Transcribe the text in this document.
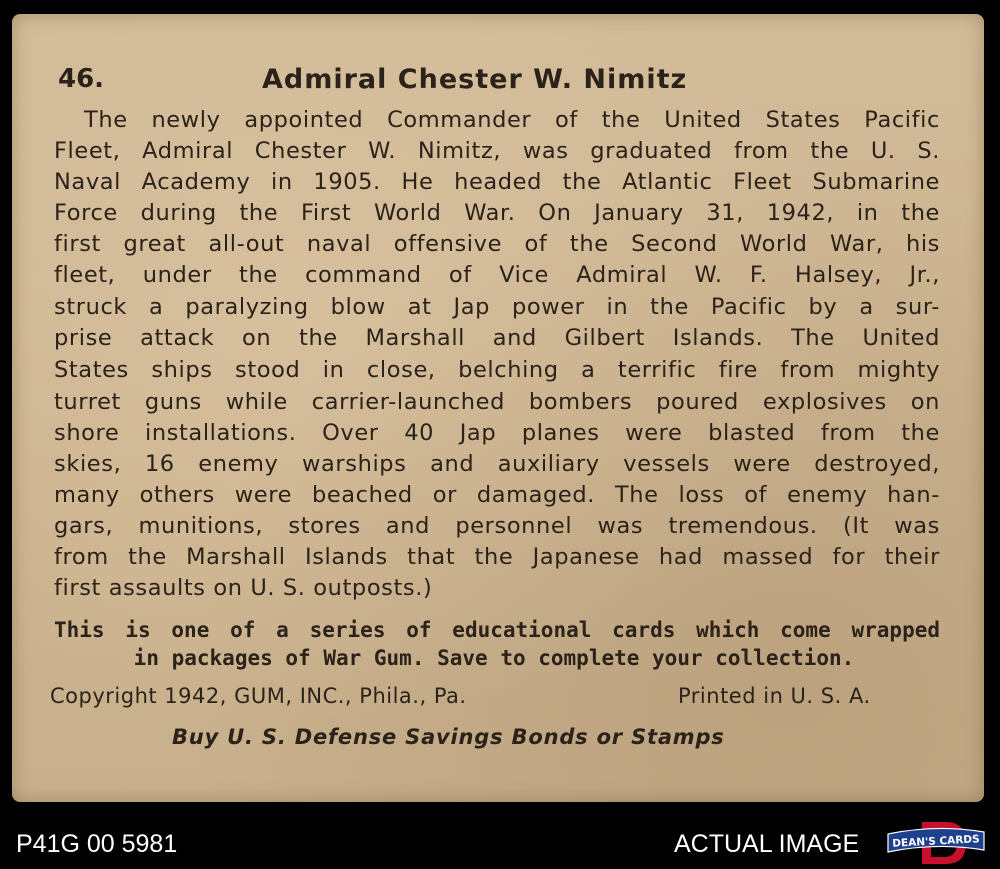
46.	Admiral Chester W. Nimitz
The newly appointed Commander of the United States Pacific
Fleet, Admiral Chester W. Nimitz, was graduated from the U. S.
Naval Academy in 1905. He headed the Atlantic Fleet Submarine
Force during the First World War. On January 31, 1942, in the
first great all-out naval offensive of the Second World War, his
fleet, under the command of Vice Admiral W. F. Halsey, Jr.,
struck a paralyzing blow at Jap power in the Pacific by a sur-
prise attack on the Marshall and Gilbert Islands. The United
States ships stood in close, belching a terrific fire from mighty
turret guns while carrier-launched bombers poured explosives on
shore installations. Over 40 Jap planes were blasted from the
skies, 16 enemy warships and auxiliary vessels were destroyed,
many others were beached or damaged. The loss of enemy han-
gars, munitions, stores and personnel was tremendous. (It was
from the Marshall Islands that the Japanese had massed for their
first assaults on U. S. outposts.)
This is one of a series of educational cards which come wrapped
in packages of War Gum. Save to complete your collection.
Copyright 1942, GUM, INC., Phila., Pa.	Printed in U. S. A.
Buy U. S. Defense Savings Bonds or Stamps
P41G 00 5981	ACTUAL IMAGE	DEAN'S CARDS
